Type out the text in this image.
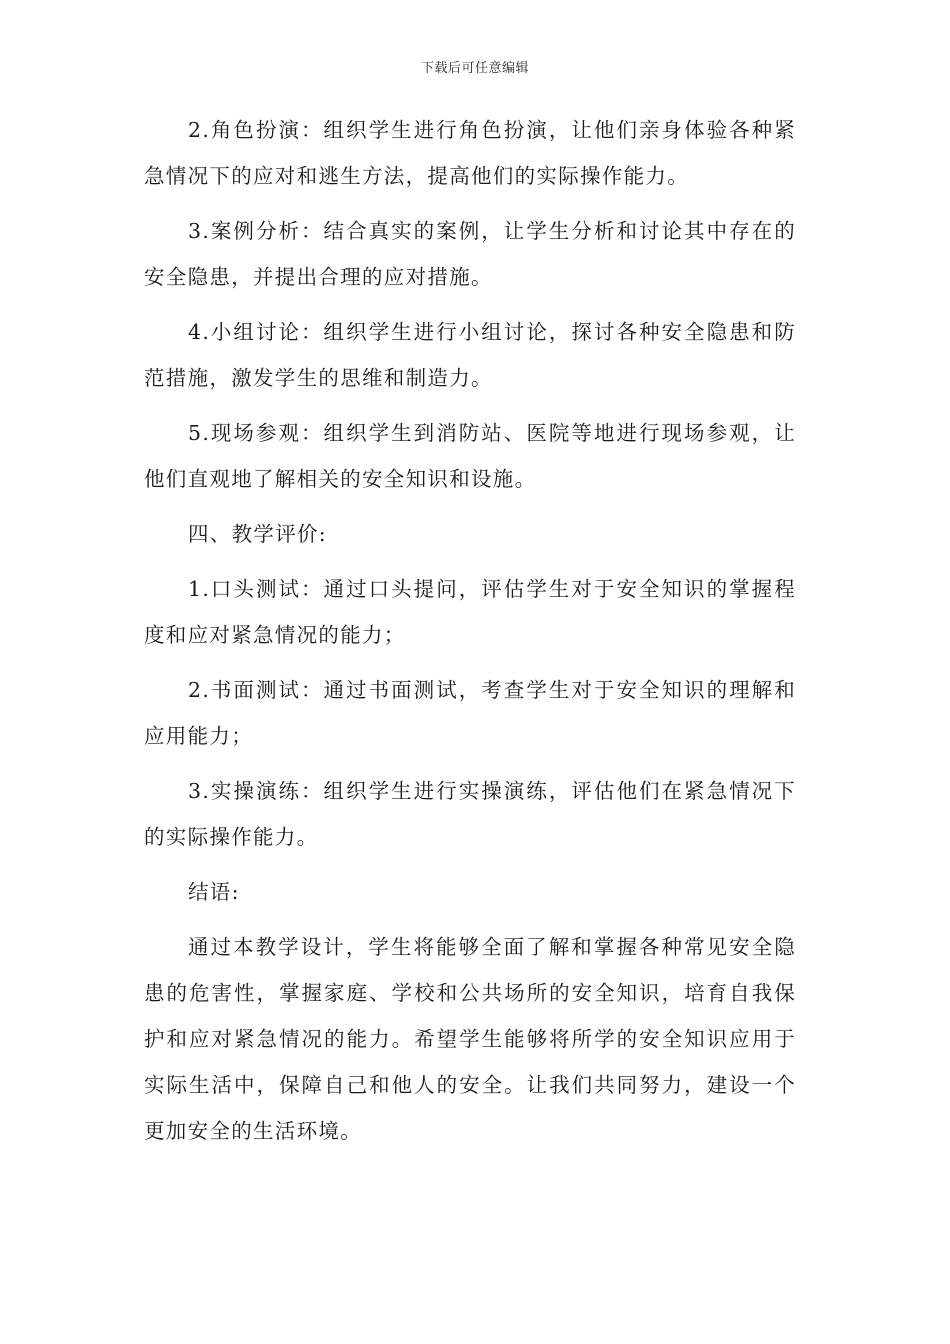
下载后可任意编辑

2.角色扮演：组织学生进行角色扮演，让他们亲身体验各种紧急情况下的应对和逃生方法，提高他们的实际操作能力。

3.案例分析：结合真实的案例，让学生分析和讨论其中存在的安全隐患，并提出合理的应对措施。

4.小组讨论：组织学生进行小组讨论，探讨各种安全隐患和防范措施，激发学生的思维和制造力。

5.现场参观：组织学生到消防站、医院等地进行现场参观，让他们直观地了解相关的安全知识和设施。

四、教学评价:

1.口头测试：通过口头提问，评估学生对于安全知识的掌握程度和应对紧急情况的能力；

2.书面测试：通过书面测试，考查学生对于安全知识的理解和应用能力；

3.实操演练：组织学生进行实操演练，评估他们在紧急情况下的实际操作能力。

结语:

通过本教学设计，学生将能够全面了解和掌握各种常见安全隐患的危害性，掌握家庭、学校和公共场所的安全知识，培育自我保护和应对紧急情况的能力。希望学生能够将所学的安全知识应用于实际生活中，保障自己和他人的安全。让我们共同努力，建设一个更加安全的生活环境。
